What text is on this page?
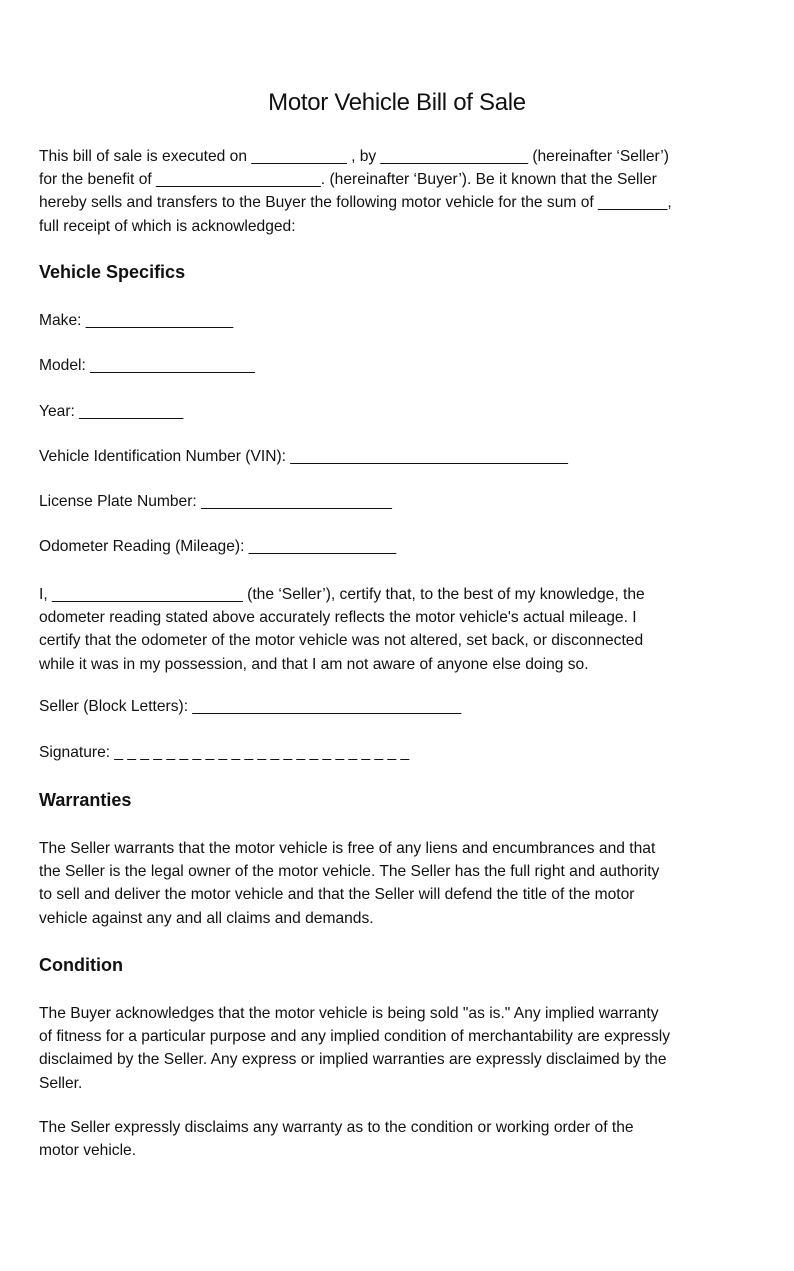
Motor Vehicle Bill of Sale

This bill of sale is executed on ___________ , by _________________ (hereinafter ‘Seller’)
for the benefit of ___________________. (hereinafter ‘Buyer’). Be it known that the Seller
hereby sells and transfers to the Buyer the following motor vehicle for the sum of ________,
full receipt of which is acknowledged:

Vehicle Specifics

Make: _________________

Model: ___________________

Year: ____________

Vehicle Identification Number (VIN): ________________________________

License Plate Number: ______________________

Odometer Reading (Mileage): _________________

I, ______________________ (the ‘Seller’), certify that, to the best of my knowledge, the
odometer reading stated above accurately reflects the motor vehicle's actual mileage. I
certify that the odometer of the motor vehicle was not altered, set back, or disconnected
while it was in my possession, and that I am not aware of anyone else doing so.

Seller (Block Letters): _______________________________

Signature: _ _ _ _ _ _ _ _ _ _ _ _ _ _ _ _ _ _ _ _ _ _ _

Warranties

The Seller warrants that the motor vehicle is free of any liens and encumbrances and that
the Seller is the legal owner of the motor vehicle. The Seller has the full right and authority
to sell and deliver the motor vehicle and that the Seller will defend the title of the motor
vehicle against any and all claims and demands.

Condition

The Buyer acknowledges that the motor vehicle is being sold "as is." Any implied warranty
of fitness for a particular purpose and any implied condition of merchantability are expressly
disclaimed by the Seller. Any express or implied warranties are expressly disclaimed by the
Seller.

The Seller expressly disclaims any warranty as to the condition or working order of the
motor vehicle.
